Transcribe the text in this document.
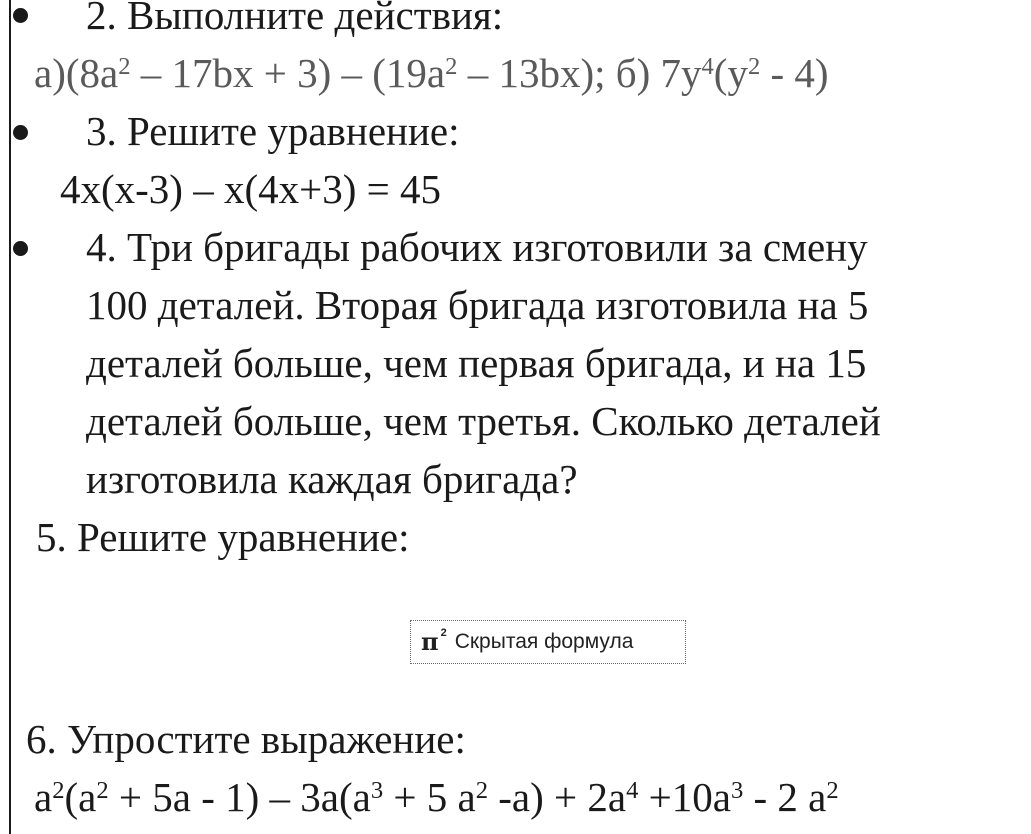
2. Выполните действия:
$а)(8a^2 - 17bx + 3) - (19a^2 - 13bx)$; б) $7y^4(y^2 - 4)$
3. Решите уравнение:
4x(x-3) – x(4x+3) = 45
4. Три бригады рабочих изготовили за смену
100 деталей. Вторая бригада изготовила на 5
деталей больше, чем первая бригада, и на 15
деталей больше, чем третья. Сколько деталей
изготовила каждая бригада?
5. Решите уравнение:
π 2 Скрытая формула
6. Упростите выражение:
$a^2(a^2 + 5a - 1) - 3a(a^3 + 5$ $a^2$ $-a) + 2a^4 +10a^3 - 2$ $a^2$
